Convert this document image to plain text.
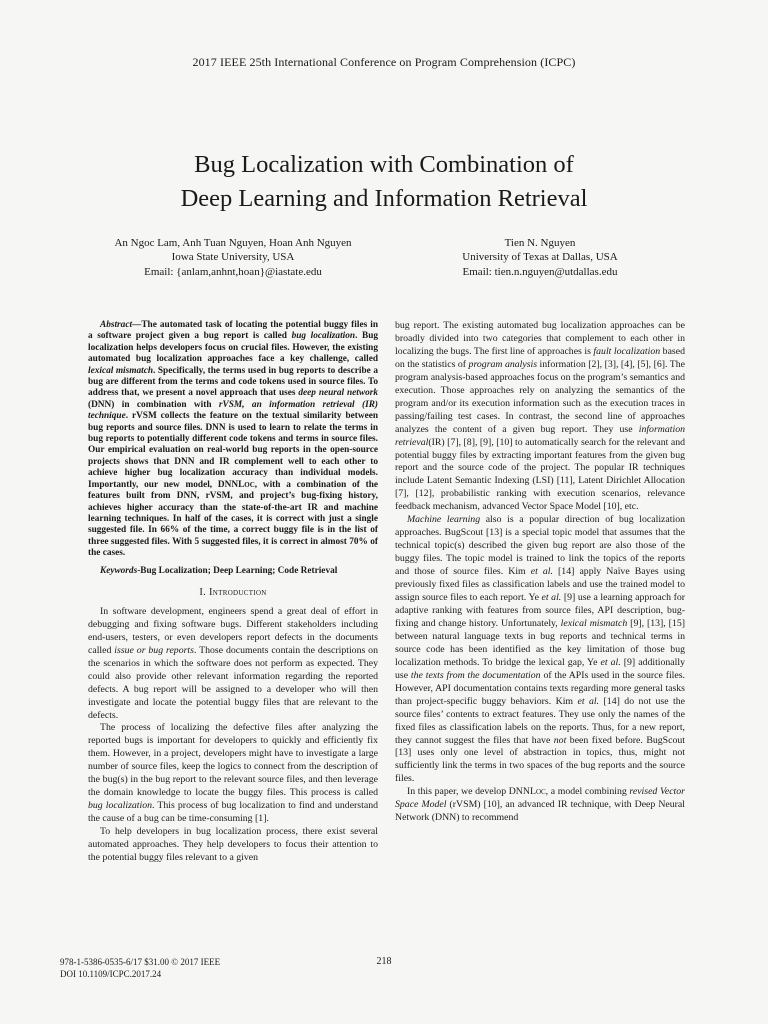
2017 IEEE 25th International Conference on Program Comprehension (ICPC)
Bug Localization with Combination of
Deep Learning and Information Retrieval
An Ngoc Lam, Anh Tuan Nguyen, Hoan Anh Nguyen
Iowa State University, USA
Email: {anlam,anhnt,hoan}@iastate.edu
Tien N. Nguyen
University of Texas at Dallas, USA
Email: tien.n.nguyen@utdallas.edu

Abstract—The automated task of locating the potential buggy files in a software project given a bug report is called bug localization. Bug localization helps developers focus on crucial files. However, the existing automated bug localization approaches face a key challenge, called lexical mismatch. Specifically, the terms used in bug reports to describe a bug are different from the terms and code tokens used in source files. To address that, we present a novel approach that uses deep neural network (DNN) in combination with rVSM, an information retrieval (IR) technique. rVSM collects the feature on the textual similarity between bug reports and source files. DNN is used to learn to relate the terms in bug reports to potentially different code tokens and terms in source files. Our empirical evaluation on real-world bug reports in the open-source projects shows that DNN and IR complement well to each other to achieve higher bug localization accuracy than individual models. Importantly, our new model, DNNLoc, with a combination of the features built from DNN, rVSM, and project’s bug-fixing history, achieves higher accuracy than the state-of-the-art IR and machine learning techniques. In half of the cases, it is correct with just a single suggested file. In 66% of the time, a correct buggy file is in the list of three suggested files. With 5 suggested files, it is correct in almost 70% of the cases.

Keywords-Bug Localization; Deep Learning; Code Retrieval

I. Introduction

In software development, engineers spend a great deal of effort in debugging and fixing software bugs. Different stakeholders including end-users, testers, or even developers report defects in the documents called issue or bug reports. Those documents contain the descriptions on the scenarios in which the software does not perform as expected. They could also provide other relevant information regarding the reported defects. A bug report will be assigned to a developer who will then investigate and locate the potential buggy files that are relevant to the defects.

The process of localizing the defective files after analyzing the reported bugs is important for developers to quickly and efficiently fix them. However, in a project, developers might have to investigate a large number of source files, keep the logics to connect from the description of the bug(s) in the bug report to the relevant source files, and then leverage the domain knowledge to locate the buggy files. This process is called bug localization. This process of bug localization to find and understand the cause of a bug can be time-consuming [1].

To help developers in bug localization process, there exist several automated approaches. They help developers to focus their attention to the potential buggy files relevant to a given

bug report. The existing automated bug localization approaches can be broadly divided into two categories that complement to each other in localizing the bugs. The first line of approaches is fault localization based on the statistics of program analysis information [2], [3], [4], [5], [6]. The program analysis-based approaches focus on the program’s semantics and execution. Those approaches rely on analyzing the semantics of the program and/or its execution information such as the execution traces in passing/failing test cases. In contrast, the second line of approaches analyzes the content of a given bug report. They use information retrieval(IR) [7], [8], [9], [10] to automatically search for the relevant and potential buggy files by extracting important features from the given bug report and the source code of the project. The popular IR techniques include Latent Semantic Indexing (LSI) [11], Latent Dirichlet Allocation [7], [12], probabilistic ranking with execution scenarios, relevance feedback mechanism, advanced Vector Space Model [10], etc.

Machine learning also is a popular direction of bug localization approaches. BugScout [13] is a special topic model that assumes that the technical topic(s) described the given bug report are also those of the buggy files. The topic model is trained to link the topics of the reports and those of source files. Kim et al. [14] apply Naïve Bayes using previously fixed files as classification labels and use the trained model to assign source files to each report. Ye et al. [9] use a learning approach for adaptive ranking with features from source files, API description, bug-fixing and change history. Unfortunately, lexical mismatch [9], [13], [15] between natural language texts in bug reports and technical terms in source code has been identified as the key limitation of those bug localization methods. To bridge the lexical gap, Ye et al. [9] additionally use the texts from the documentation of the APIs used in the source files. However, API documentation contains texts regarding more general tasks than project-specific buggy behaviors. Kim et al. [14] do not use the source files’ contents to extract features. They use only the names of the fixed files as classification labels on the reports. Thus, for a new report, they cannot suggest the files that have not been fixed before. BugScout [13] uses only one level of abstraction in topics, thus, might not sufficiently link the terms in two spaces of the bug reports and the source files.

In this paper, we develop DNNLoc, a model combining revised Vector Space Model (rVSM) [10], an advanced IR technique, with Deep Neural Network (DNN) to recommend

978-1-5386-0535-6/17 $31.00 © 2017 IEEE
DOI 10.1109/ICPC.2017.24
218
